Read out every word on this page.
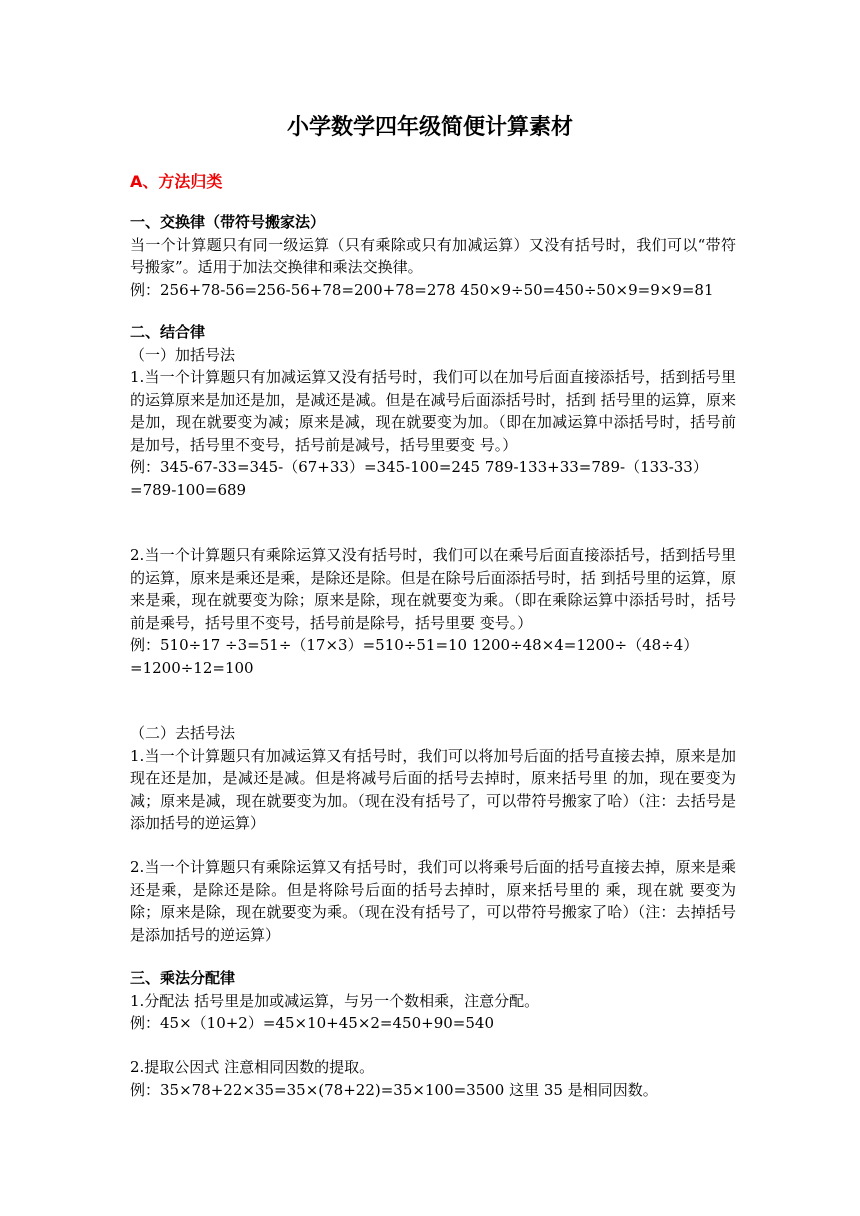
小学数学四年级简便计算素材
A、方法归类
一、交换律（带符号搬家法）
当一个计算题只有同一级运算（只有乘除或只有加减运算）又没有括号时，我们可以“带符号搬家”。适用于加法交换律和乘法交换律。
例：256+78-56=256-56+78=200+78=278 450×9÷50=450÷50×9=9×9=81
二、结合律
（一）加括号法
1.当一个计算题只有加减运算又没有括号时，我们可以在加号后面直接添括号，括到括号里的运算原来是加还是加，是减还是减。但是在减号后面添括号时，括到 括号里的运算，原来是加，现在就要变为减；原来是减，现在就要变为加。（即在加减运算中添括号时，括号前是加号，括号里不变号，括号前是减号，括号里要变 号。）
例：345-67-33=345-（67+33）=345-100=245 789-133+33=789-（133-33）
=789-100=689
2.当一个计算题只有乘除运算又没有括号时，我们可以在乘号后面直接添括号，括到括号里的运算，原来是乘还是乘，是除还是除。但是在除号后面添括号时，括 到括号里的运算，原来是乘，现在就要变为除；原来是除，现在就要变为乘。（即在乘除运算中添括号时，括号前是乘号，括号里不变号，括号前是除号，括号里要 变号。）
例：510÷17 ÷3=51÷（17×3）=510÷51=10 1200÷48×4=1200÷（48÷4）
=1200÷12=100
（二）去括号法
1.当一个计算题只有加减运算又有括号时，我们可以将加号后面的括号直接去掉，原来是加现在还是加，是减还是减。但是将减号后面的括号去掉时，原来括号里 的加，现在要变为减；原来是减，现在就要变为加。（现在没有括号了，可以带符号搬家了哈）（注：去括号是添加括号的逆运算）
2.当一个计算题只有乘除运算又有括号时，我们可以将乘号后面的括号直接去掉，原来是乘还是乘，是除还是除。但是将除号后面的括号去掉时，原来括号里的 乘，现在就 要变为除；原来是除，现在就要变为乘。（现在没有括号了，可以带符号搬家了哈）（注：去掉括号是添加括号的逆运算）
三、乘法分配律
1.分配法 括号里是加或减运算，与另一个数相乘，注意分配。
例：45×（10+2）=45×10+45×2=450+90=540
2.提取公因式 注意相同因数的提取。
例：35×78+22×35=35×(78+22)=35×100=3500 这里 35 是相同因数。
